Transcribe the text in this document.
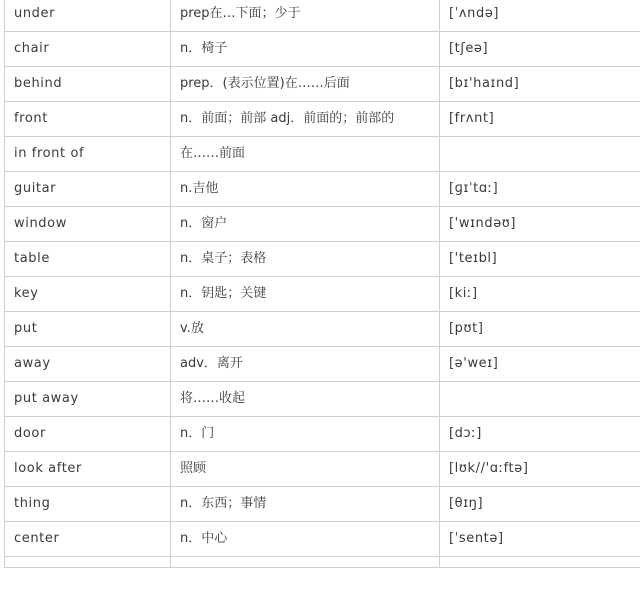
under	prep在…下面；少于	[ˈʌndə]
chair	n．椅子	[tʃeə]
behind	prep．(表示位置)在……后面	[bɪ'haɪnd]
front	n．前面；前部 adj．前面的；前部的	[frʌnt]
in front of	在……前面	
guitar	n.吉他	[ɡɪˈtɑː]
window	n．窗户	['wɪndəʊ]
table	n．桌子；表格	['teɪbl]
key	n．钥匙；关键	[kiː]
put	v.放	[pʊt]
away	adv．离开	[ə'weɪ]
put away	将……收起	
door	n．门	[dɔː]
look after	照顾	[lʊk//'ɑːftə]
thing	n．东西；事情	[θɪŋ]
center	n．中心	[ˈsentə]
